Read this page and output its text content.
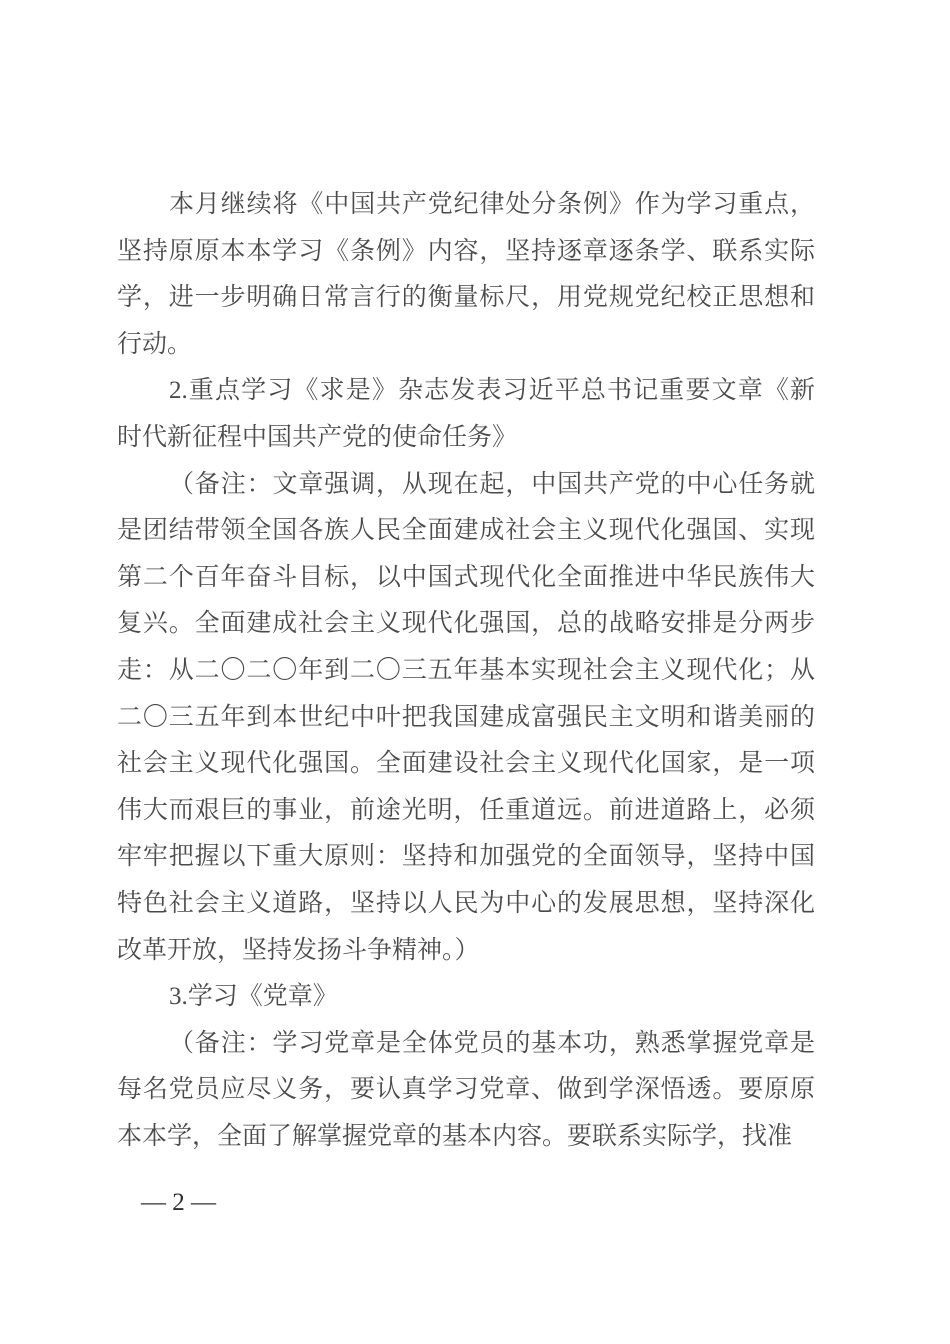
本月继续将《中国共产党纪律处分条例》作为学习重点，
坚持原原本本学习《条例》内容，坚持逐章逐条学、联系实际
学，进一步明确日常言行的衡量标尺，用党规党纪校正思想和
行动。
2.重点学习《求是》杂志发表习近平总书记重要文章《新
时代新征程中国共产党的使命任务》
（备注：文章强调，从现在起，中国共产党的中心任务就
是团结带领全国各族人民全面建成社会主义现代化强国、实现
第二个百年奋斗目标，以中国式现代化全面推进中华民族伟大
复兴。全面建成社会主义现代化强国，总的战略安排是分两步
走：从二〇二〇年到二〇三五年基本实现社会主义现代化；从
二〇三五年到本世纪中叶把我国建成富强民主文明和谐美丽的
社会主义现代化强国。全面建设社会主义现代化国家，是一项
伟大而艰巨的事业，前途光明，任重道远。前进道路上，必须
牢牢把握以下重大原则：坚持和加强党的全面领导，坚持中国
特色社会主义道路，坚持以人民为中心的发展思想，坚持深化
改革开放，坚持发扬斗争精神。）
3.学习《党章》
（备注：学习党章是全体党员的基本功，熟悉掌握党章是
每名党员应尽义务，要认真学习党章、做到学深悟透。要原原
本本学，全面了解掌握党章的基本内容。要联系实际学，找准
— 2 —
